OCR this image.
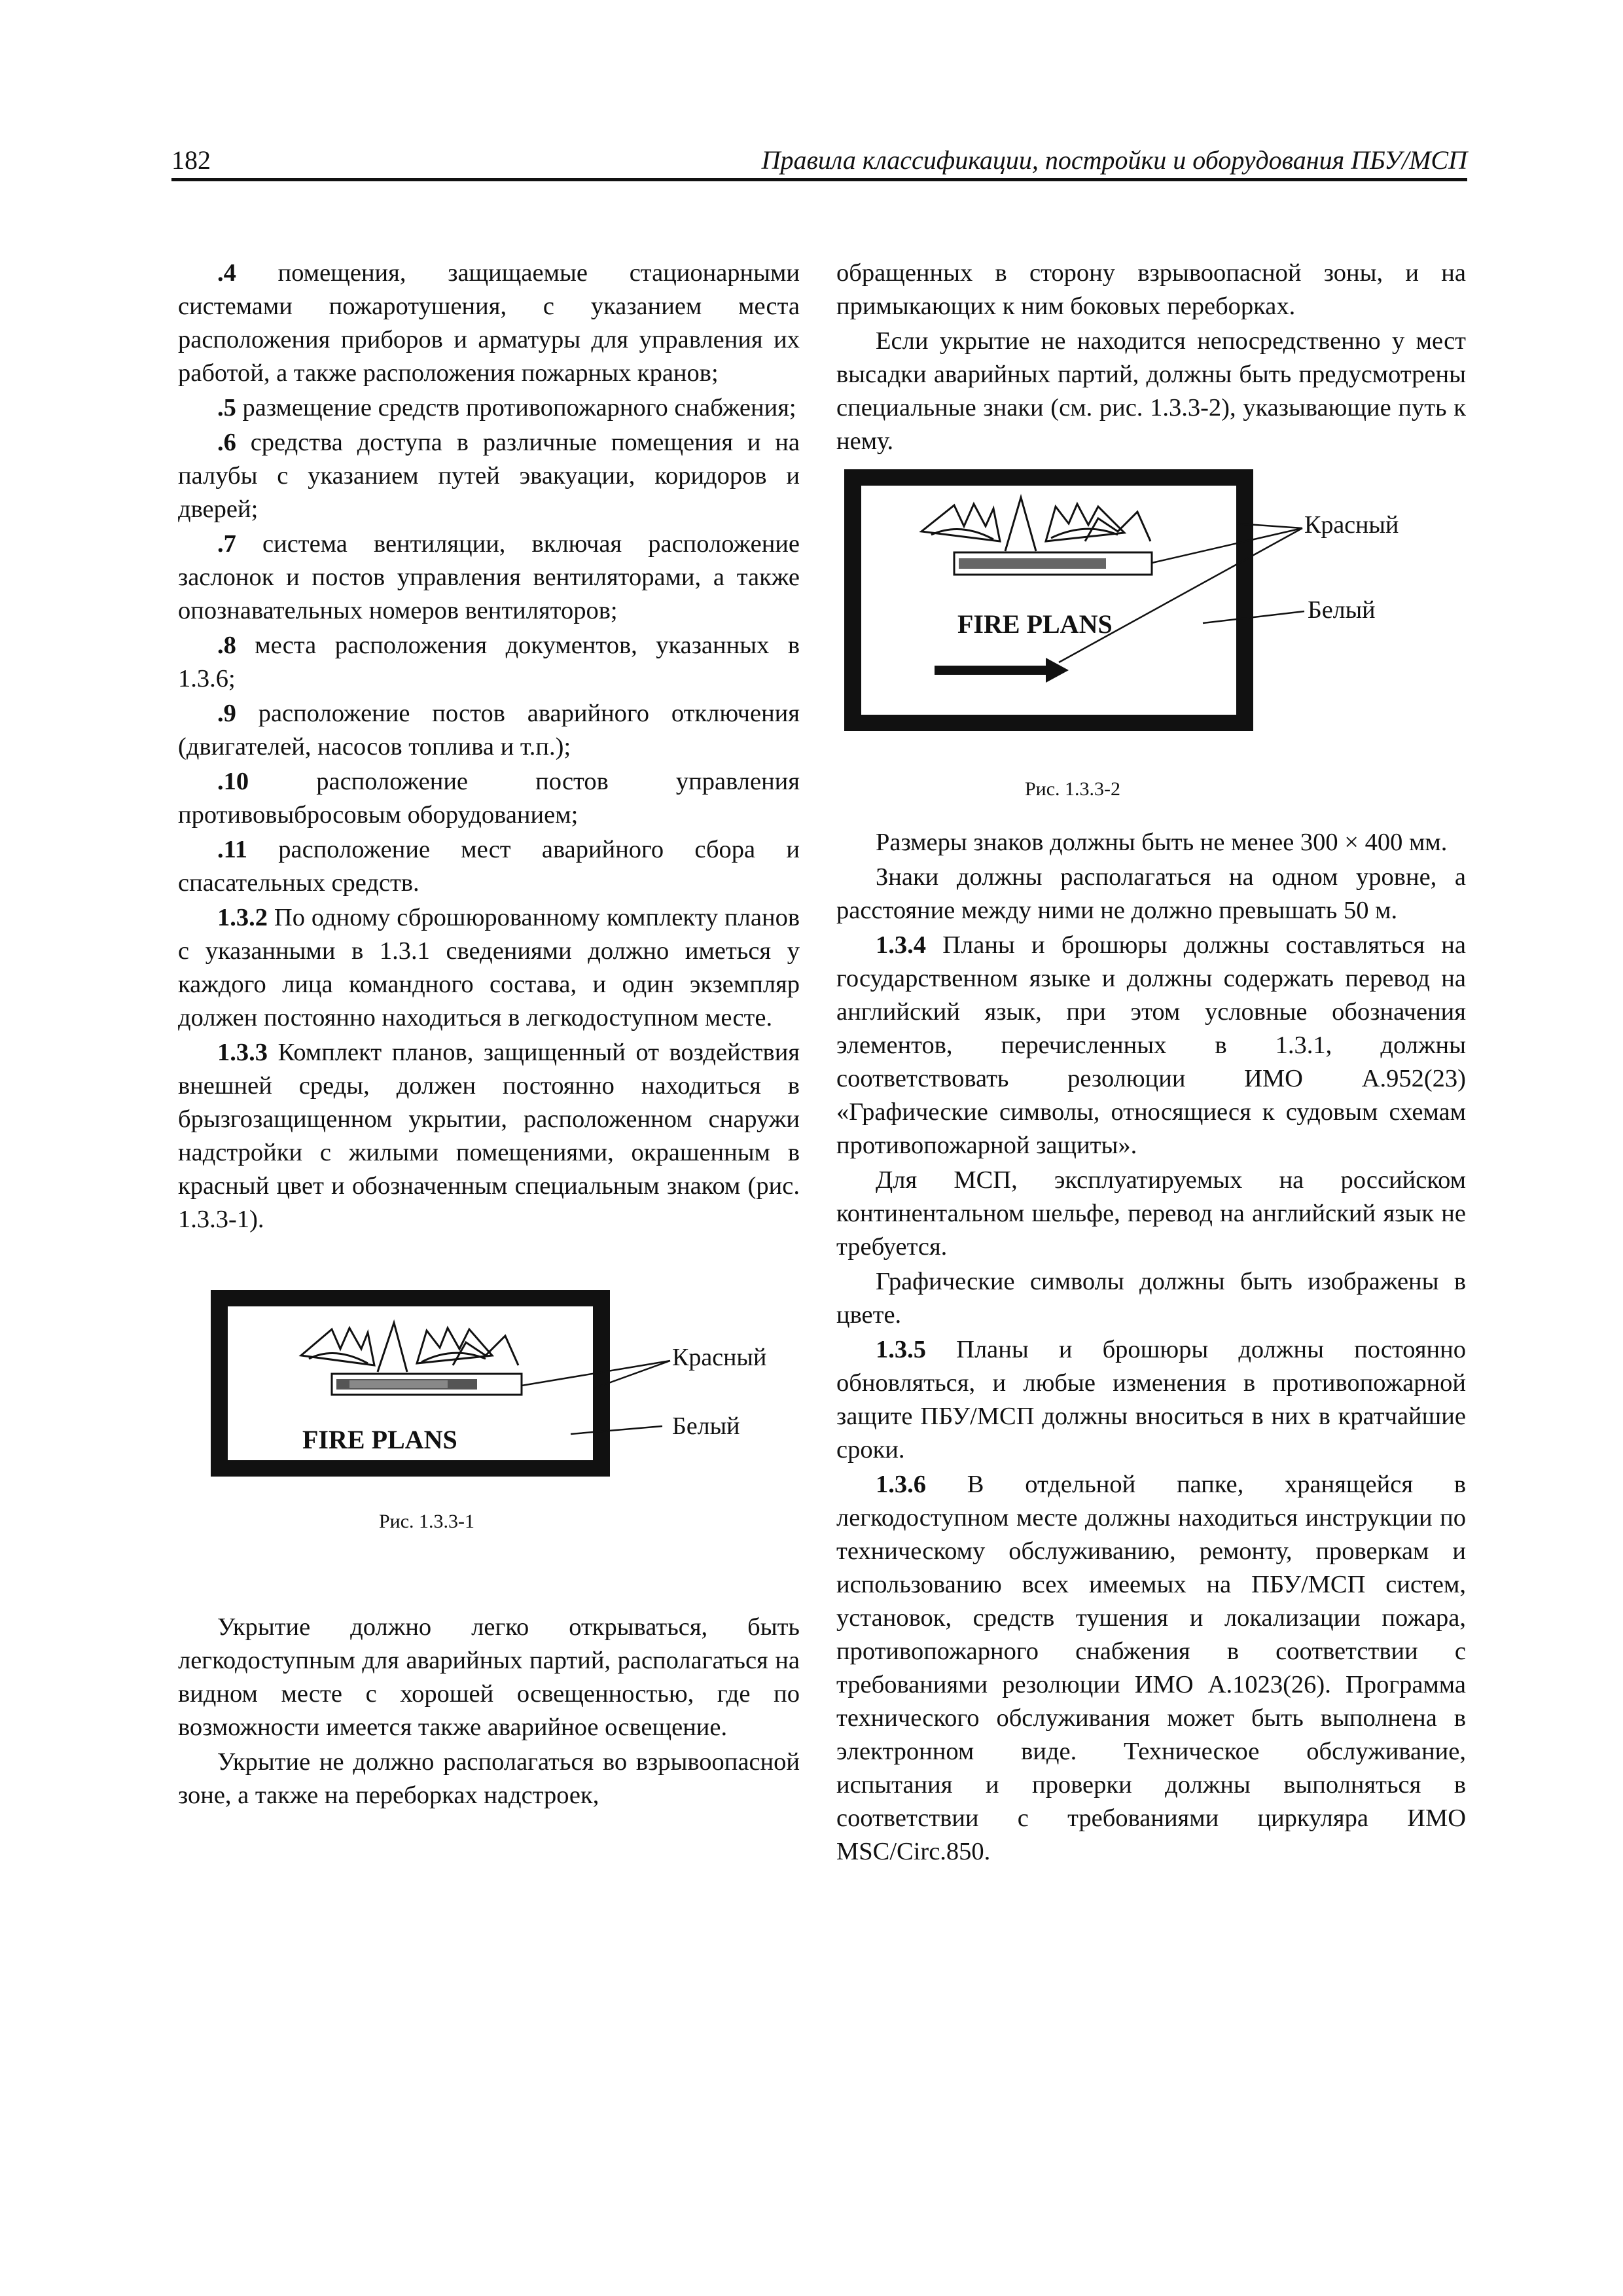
182	Правила классификации, постройки и оборудования ПБУ/МСП

.4 помещения, защищаемые стационарными системами пожаротушения, с указанием места расположения приборов и арматуры для управления их работой, а также расположения пожарных кранов;

.5 размещение средств противопожарного снабжения;

.6 средства доступа в различные помещения и на палубы с указанием путей эвакуации, коридоров и дверей;

.7 система вентиляции, включая расположение заслонок и постов управления вентиляторами, а также опознавательных номеров вентиляторов;

.8 места расположения документов, указанных в 1.3.6;

.9 расположение постов аварийного отключения (двигателей, насосов топлива и т.п.);

.10 расположение постов управления противовыбросовым оборудованием;

.11 расположение мест аварийного сбора и спасательных средств.

1.3.2 По одному сброшюрованному комплекту планов с указанными в 1.3.1 сведениями должно иметься у каждого лица командного состава, и один экземпляр должен постоянно находиться в легкодоступном месте.

1.3.3 Комплект планов, защищенный от воздействия внешней среды, должен постоянно находиться в брызгозащищенном укрытии, расположенном снаружи надстройки с жилыми помещениями, окрашенным в красный цвет и обозначенным специальным знаком (рис. 1.3.3-1).

FIRE PLANS
Красный
Белый
Рис. 1.3.3-1

Укрытие должно легко открываться, быть легкодоступным для аварийных партий, располагаться на видном месте с хорошей освещенностью, где по возможности имеется также аварийное освещение.

Укрытие не должно располагаться во взрывоопасной зоне, а также на переборках надстроек,

обращенных в сторону взрывоопасной зоны, и на примыкающих к ним боковых переборках.

Если укрытие не находится непосредственно у мест высадки аварийных партий, должны быть предусмотрены специальные знаки (см. рис. 1.3.3-2), указывающие путь к нему.

FIRE PLANS
Красный
Белый
Рис. 1.3.3-2

Размеры знаков должны быть не менее 300 × 400 мм.

Знаки должны располагаться на одном уровне, а расстояние между ними не должно превышать 50 м.

1.3.4 Планы и брошюры должны составляться на государственном языке и должны содержать перевод на английский язык, при этом условные обозначения элементов, перечисленных в 1.3.1, должны соответствовать резолюции ИМО А.952(23) «Графические символы, относящиеся к судовым схемам противопожарной защиты».

Для МСП, эксплуатируемых на российском континентальном шельфе, перевод на английский язык не требуется.

Графические символы должны быть изображены в цвете.

1.3.5 Планы и брошюры должны постоянно обновляться, и любые изменения в противопожарной защите ПБУ/МСП должны вноситься в них в кратчайшие сроки.

1.3.6 В отдельной папке, хранящейся в легкодоступном месте должны находиться инструкции по техническому обслуживанию, ремонту, проверкам и использованию всех имеемых на ПБУ/МСП систем, установок, средств тушения и локализации пожара, противопожарного снабжения в соответствии с требованиями резолюции ИМО А.1023(26). Программа технического обслуживания может быть выполнена в электронном виде. Техническое обслуживание, испытания и проверки должны выполняться в соответствии с требованиями циркуляра ИМО MSC/Circ.850.
